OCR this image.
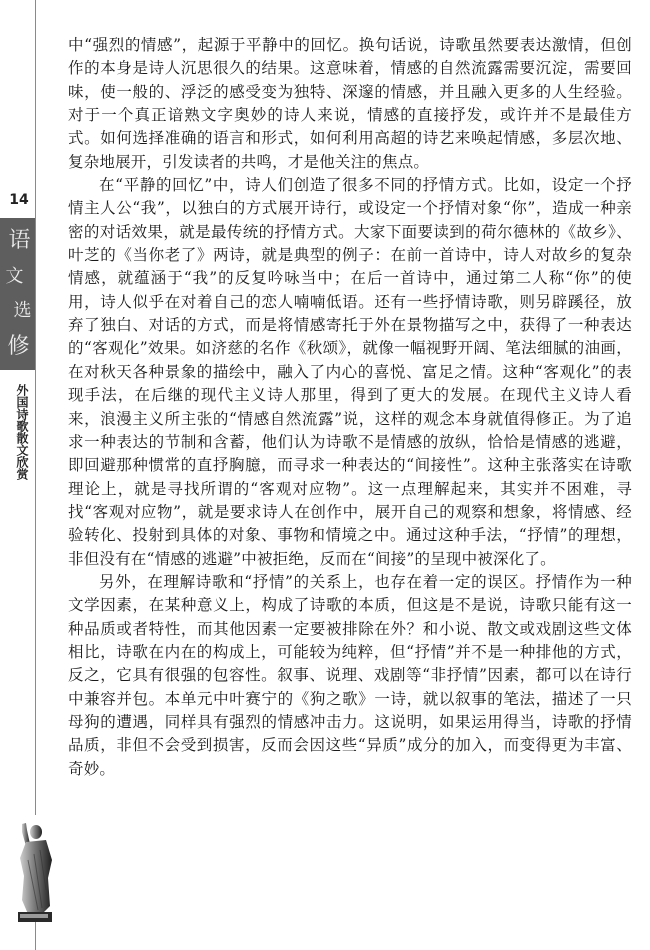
14
语
文
选
修
外国诗歌散文欣赏

中“强烈的情感”，起源于平静中的回忆。换句话说，诗歌虽然要表达激情，但创作的本身是诗人沉思很久的结果。这意味着，情感的自然流露需要沉淀，需要回味，使一般的、浮泛的感受变为独特、深邃的情感，并且融入更多的人生经验。对于一个真正谙熟文字奥妙的诗人来说，情感的直接抒发，或许并不是最佳方式。如何选择准确的语言和形式，如何利用高超的诗艺来唤起情感，多层次地、复杂地展开，引发读者的共鸣，才是他关注的焦点。

在“平静的回忆”中，诗人们创造了很多不同的抒情方式。比如，设定一个抒情主人公“我”，以独白的方式展开诗行，或设定一个抒情对象“你”，造成一种亲密的对话效果，就是最传统的抒情方式。大家下面要读到的荷尔德林的《故乡》、叶芝的《当你老了》两诗，就是典型的例子：在前一首诗中，诗人对故乡的复杂情感，就蕴涵于“我”的反复吟咏当中；在后一首诗中，通过第二人称“你”的使用，诗人似乎在对着自己的恋人喃喃低语。还有一些抒情诗歌，则另辟蹊径，放弃了独白、对话的方式，而是将情感寄托于外在景物描写之中，获得了一种表达的“客观化”效果。如济慈的名作《秋颂》，就像一幅视野开阔、笔法细腻的油画，在对秋天各种景象的描绘中，融入了内心的喜悦、富足之情。这种“客观化”的表现手法，在后继的现代主义诗人那里，得到了更大的发展。在现代主义诗人看来，浪漫主义所主张的“情感自然流露”说，这样的观念本身就值得修正。为了追求一种表达的节制和含蓄，他们认为诗歌不是情感的放纵，恰恰是情感的逃避，即回避那种惯常的直抒胸臆，而寻求一种表达的“间接性”。这种主张落实在诗歌理论上，就是寻找所谓的“客观对应物”。这一点理解起来，其实并不困难，寻找“客观对应物”，就是要求诗人在创作中，展开自己的观察和想象，将情感、经验转化、投射到具体的对象、事物和情境之中。通过这种手法，“抒情”的理想，非但没有在“情感的逃避”中被拒绝，反而在“间接”的呈现中被深化了。

另外，在理解诗歌和“抒情”的关系上，也存在着一定的误区。抒情作为一种文学因素，在某种意义上，构成了诗歌的本质，但这是不是说，诗歌只能有这一种品质或者特性，而其他因素一定要被排除在外？和小说、散文或戏剧这些文体相比，诗歌在内在的构成上，可能较为纯粹，但“抒情”并不是一种排他的方式，反之，它具有很强的包容性。叙事、说理、戏剧等“非抒情”因素，都可以在诗行中兼容并包。本单元中叶赛宁的《狗之歌》一诗，就以叙事的笔法，描述了一只母狗的遭遇，同样具有强烈的情感冲击力。这说明，如果运用得当，诗歌的抒情品质，非但不会受到损害，反而会因这些“异质”成分的加入，而变得更为丰富、奇妙。
